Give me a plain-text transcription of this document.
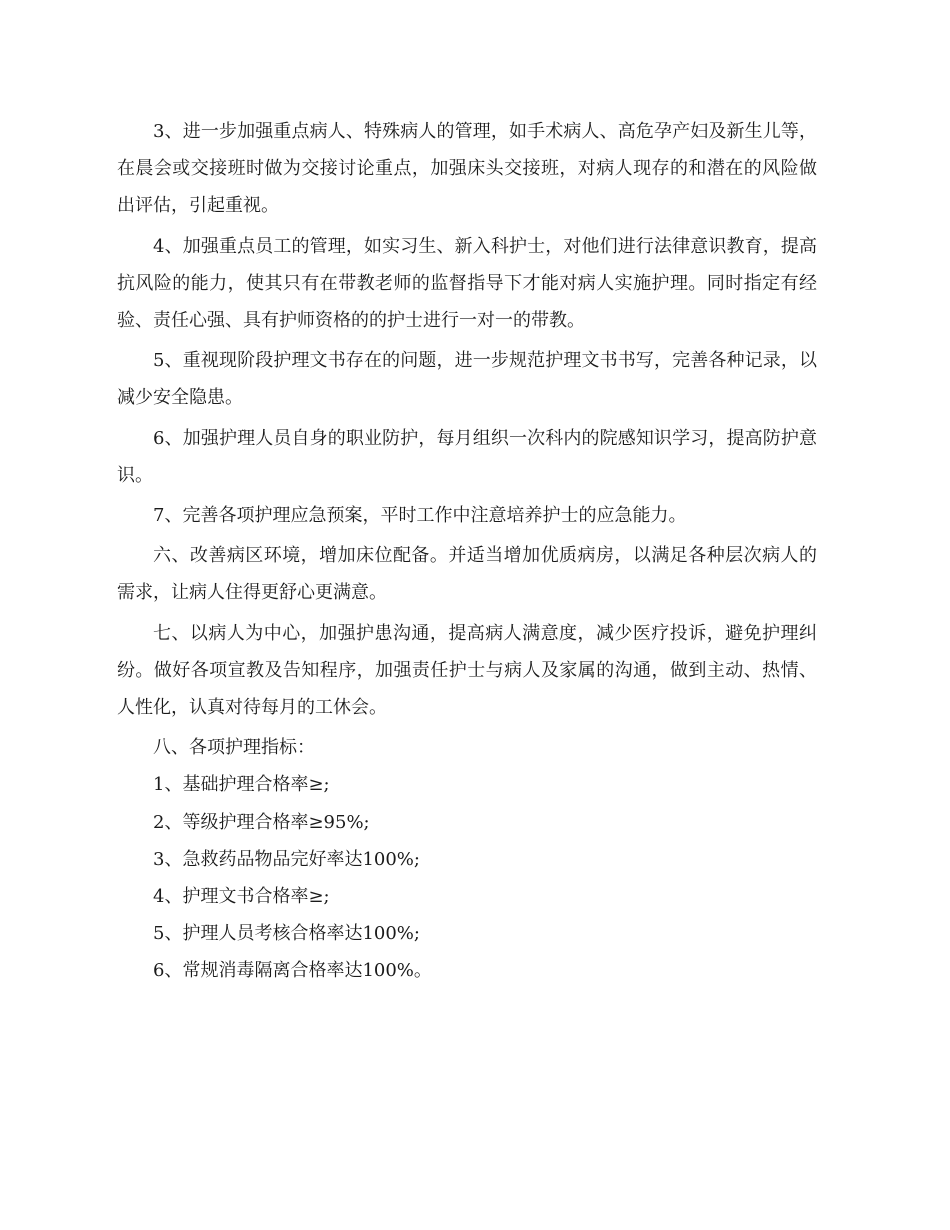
3、进一步加强重点病人、特殊病人的管理，如手术病人、高危孕产妇及新生儿等，在晨会或交接班时做为交接讨论重点，加强床头交接班，对病人现存的和潜在的风险做出评估，引起重视。

4、加强重点员工的管理，如实习生、新入科护士，对他们进行法律意识教育，提高抗风险的能力，使其只有在带教老师的监督指导下才能对病人实施护理。同时指定有经验、责任心强、具有护师资格的的护士进行一对一的带教。

5、重视现阶段护理文书存在的问题，进一步规范护理文书书写，完善各种记录，以减少安全隐患。

6、加强护理人员自身的职业防护，每月组织一次科内的院感知识学习，提高防护意识。

7、完善各项护理应急预案，平时工作中注意培养护士的应急能力。

六、改善病区环境，增加床位配备。并适当增加优质病房，以满足各种层次病人的需求，让病人住得更舒心更满意。

七、以病人为中心，加强护患沟通，提高病人满意度，减少医疗投诉，避免护理纠纷。做好各项宣教及告知程序，加强责任护士与病人及家属的沟通，做到主动、热情、人性化，认真对待每月的工休会。

八、各项护理指标：

1、基础护理合格率≥;

2、等级护理合格率≥95%;

3、急救药品物品完好率达100%;

4、护理文书合格率≥;

5、护理人员考核合格率达100%;

6、常规消毒隔离合格率达100%。
